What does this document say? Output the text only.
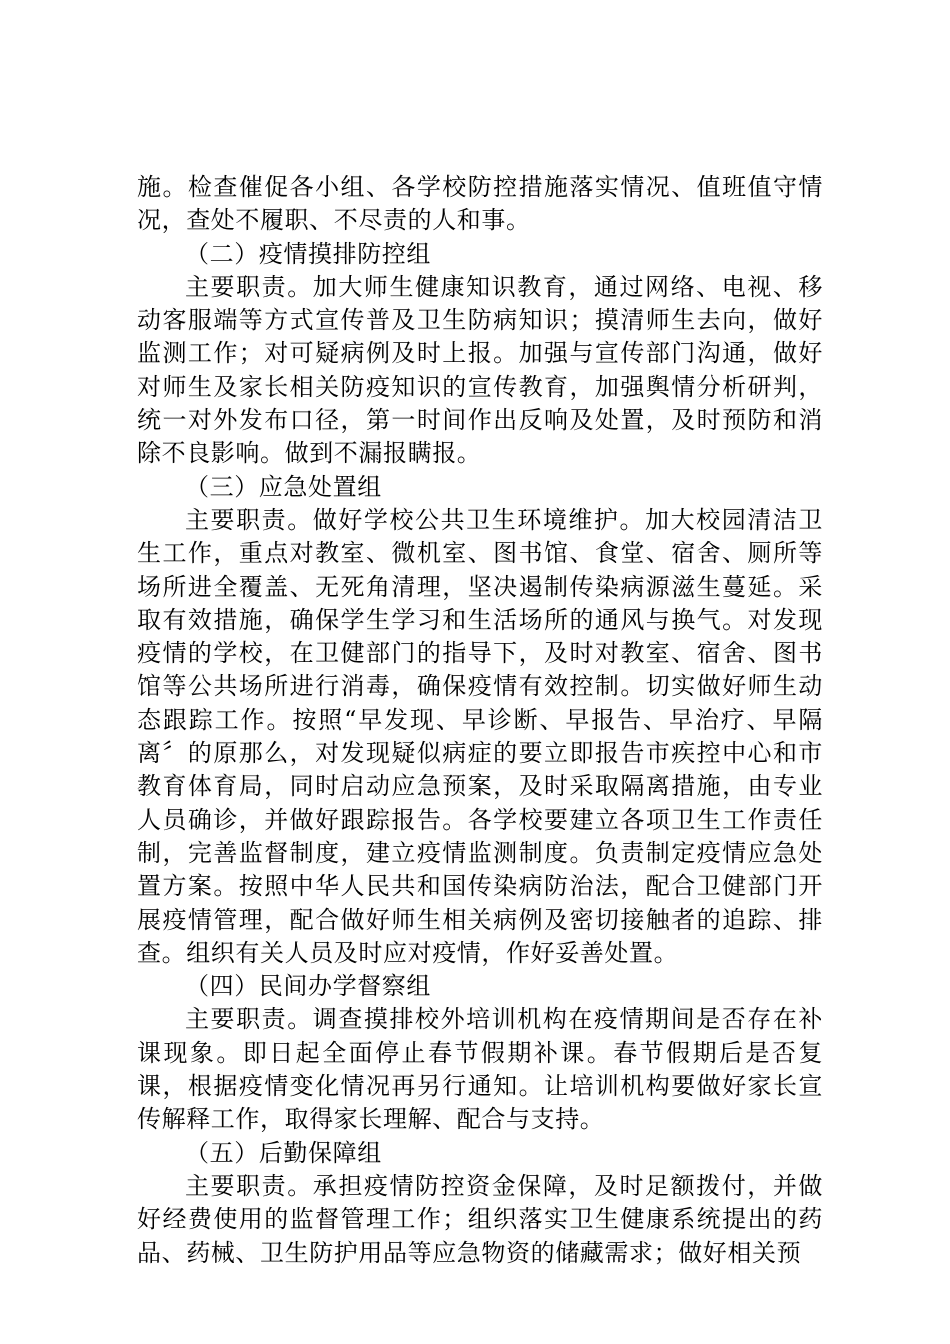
施。检查催促各小组、各学校防控措施落实情况、值班值守情况，查处不履职、不尽责的人和事。

（二）疫情摸排防控组

主要职责。加大师生健康知识教育，通过网络、电视、移动客服端等方式宣传普及卫生防病知识；摸清师生去向，做好监测工作；对可疑病例及时上报。加强与宣传部门沟通，做好对师生及家长相关防疫知识的宣传教育，加强舆情分析研判，统一对外发布口径，第一时间作出反响及处置，及时预防和消除不良影响。做到不漏报瞒报。

（三）应急处置组

主要职责。做好学校公共卫生环境维护。加大校园清洁卫生工作，重点对教室、微机室、图书馆、食堂、宿舍、厕所等场所进全覆盖、无死角清理，坚决遏制传染病源滋生蔓延。采取有效措施，确保学生学习和生活场所的通风与换气。对发现疫情的学校，在卫健部门的指导下，及时对教室、宿舍、图书馆等公共场所进行消毒，确保疫情有效控制。切实做好师生动态跟踪工作。按照“早发现、早诊断、早报告、早治疗、早隔离〞的原那么，对发现疑似病症的要立即报告市疾控中心和市教育体育局，同时启动应急预案，及时采取隔离措施，由专业人员确诊，并做好跟踪报告。各学校要建立各项卫生工作责任制，完善监督制度，建立疫情监测制度。负责制定疫情应急处置方案。按照中华人民共和国传染病防治法，配合卫健部门开展疫情管理，配合做好师生相关病例及密切接触者的追踪、排查。组织有关人员及时应对疫情，作好妥善处置。

（四）民间办学督察组

主要职责。调查摸排校外培训机构在疫情期间是否存在补课现象。即日起全面停止春节假期补课。春节假期后是否复课，根据疫情变化情况再另行通知。让培训机构要做好家长宣传解释工作，取得家长理解、配合与支持。

（五）后勤保障组

主要职责。承担疫情防控资金保障，及时足额拨付，并做好经费使用的监督管理工作；组织落实卫生健康系统提出的药品、药械、卫生防护用品等应急物资的储藏需求；做好相关预
